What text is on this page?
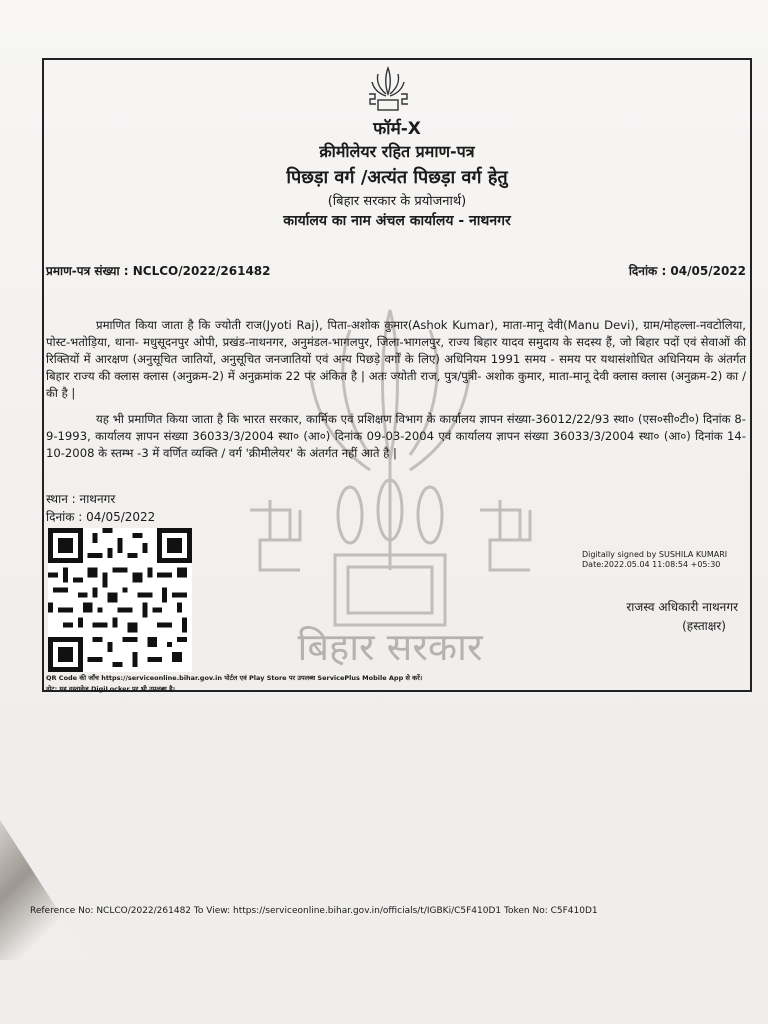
बिहार सरकार
फॉर्म-X
क्रीमीलेयर रहित प्रमाण-पत्र
पिछड़ा वर्ग /अत्यंत पिछड़ा वर्ग हेतु
(बिहार सरकार के प्रयोजनार्थ)
कार्यालय का नाम अंचल कार्यालय - नाथनगर
प्रमाण-पत्र संख्या : NCLCO/2022/261482	दिनांक : 04/05/2022
प्रमाणित किया जाता है कि ज्योती राज(Jyoti Raj), पिता-अशोक कुमार(Ashok Kumar), माता-मानू देवी(Manu Devi), ग्राम/मोहल्ला-नवटोलिया, पोस्ट-भतोड़िया, थाना- मधुसूदनपुर ओपी, प्रखंड-नाथनगर, अनुमंडल-भागलपुर, जिला-भागलपुर, राज्य बिहार यादव समुदाय के सदस्य हैं, जो बिहार पदों एवं सेवाओं की रिक्तियों में आरक्षण (अनुसूचित जातियों, अनुसूचित जनजातियों एवं अन्य पिछड़े वर्गों के लिए) अधिनियम 1991 समय - समय पर यथासंशोधित अधिनियम के अंतर्गत बिहार राज्य की क्लास क्लास (अनुक्रम-2) में अनुक्रमांक 22 पर अंकित है | अतः ज्योती राज, पुत्र/पुत्री- अशोक कुमार, माता-मानू देवी क्लास क्लास (अनुक्रम-2) का / की है |
यह भी प्रमाणित किया जाता है कि भारत सरकार, कार्मिक एवं प्रशिक्षण विभाग के कार्यालय ज्ञापन संख्या-36012/22/93 स्था० (एस०सी०टी०) दिनांक 8-9-1993, कार्यालय ज्ञापन संख्या 36033/3/2004 स्था० (आ०) दिनांक 09-03-2004 एवं कार्यालय ज्ञापन संख्या 36033/3/2004 स्था० (आ०) दिनांक 14-10-2008 के स्तम्भ -3 में वर्णित व्यक्ति / वर्ग 'क्रीमीलेयर' के अंतर्गत नहीं आते है |
स्थान : नाथनगर
दिनांक : 04/05/2022
Digitally signed by SUSHILA KUMARI
Date:2022.05.04 11:08:54 +05:30
राजस्व अधिकारी नाथनगर
(हस्ताक्षर)
QR Code की जाँच https://serviceonline.bihar.gov.in पोर्टल एवं Play Store पर उपलब्ध ServicePlus Mobile App से करें।
नोट: यह दस्तावेज़ DigiLocker पर भी उपलब्ध है।
Reference No: NCLCO/2022/261482 To View: https://serviceonline.bihar.gov.in/officials/t/IGBKi/C5F410D1 Token No: C5F410D1
